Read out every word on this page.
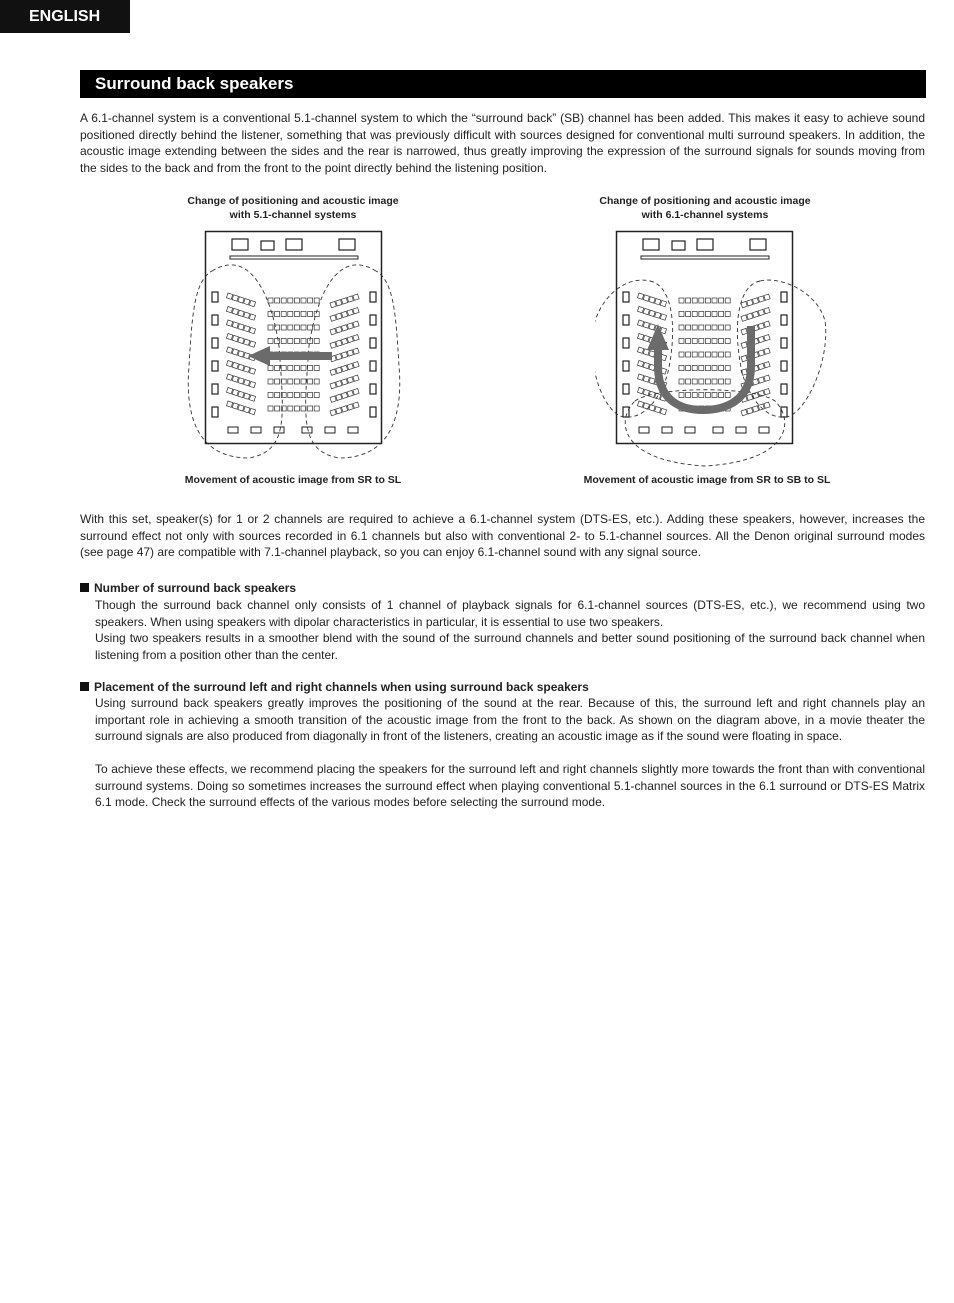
ENGLISH
Surround back speakers

A 6.1-channel system is a conventional 5.1-channel system to which the “surround back” (SB) channel has been added. This makes it easy to achieve sound positioned directly behind the listener, something that was previously difficult with sources designed for conventional multi surround speakers. In addition, the acoustic image extending between the sides and the rear is narrowed, thus greatly improving the expression of the surround signals for sounds moving from the sides to the back and from the front to the point directly behind the listening position.

Change of positioning and acoustic image
with 5.1-channel systems
Movement of acoustic image from SR to SL
Change of positioning and acoustic image
with 6.1-channel systems
Movement of acoustic image from SR to SB to SL

With this set, speaker(s) for 1 or 2 channels are required to achieve a 6.1-channel system (DTS-ES, etc.). Adding these speakers, however, increases the surround effect not only with sources recorded in 6.1 channels but also with conventional 2- to 5.1-channel sources. All the Denon original surround modes (see page 47) are compatible with 7.1-channel playback, so you can enjoy 6.1-channel sound with any signal source.

Number of surround back speakers

Though the surround back channel only consists of 1 channel of playback signals for 6.1-channel sources (DTS-ES, etc.), we recommend using two speakers. When using speakers with dipolar characteristics in particular, it is essential to use two speakers.

Using two speakers results in a smoother blend with the sound of the surround channels and better sound positioning of the surround back channel when listening from a position other than the center.

Placement of the surround left and right channels when using surround back speakers

Using surround back speakers greatly improves the positioning of the sound at the rear. Because of this, the surround left and right channels play an important role in achieving a smooth transition of the acoustic image from the front to the back. As shown on the diagram above, in a movie theater the surround signals are also produced from diagonally in front of the listeners, creating an acoustic image as if the sound were floating in space.

To achieve these effects, we recommend placing the speakers for the surround left and right channels slightly more towards the front than with conventional surround systems. Doing so sometimes increases the surround effect when playing conventional 5.1-channel sources in the 6.1 surround or DTS-ES Matrix 6.1 mode. Check the surround effects of the various modes before selecting the surround mode.
